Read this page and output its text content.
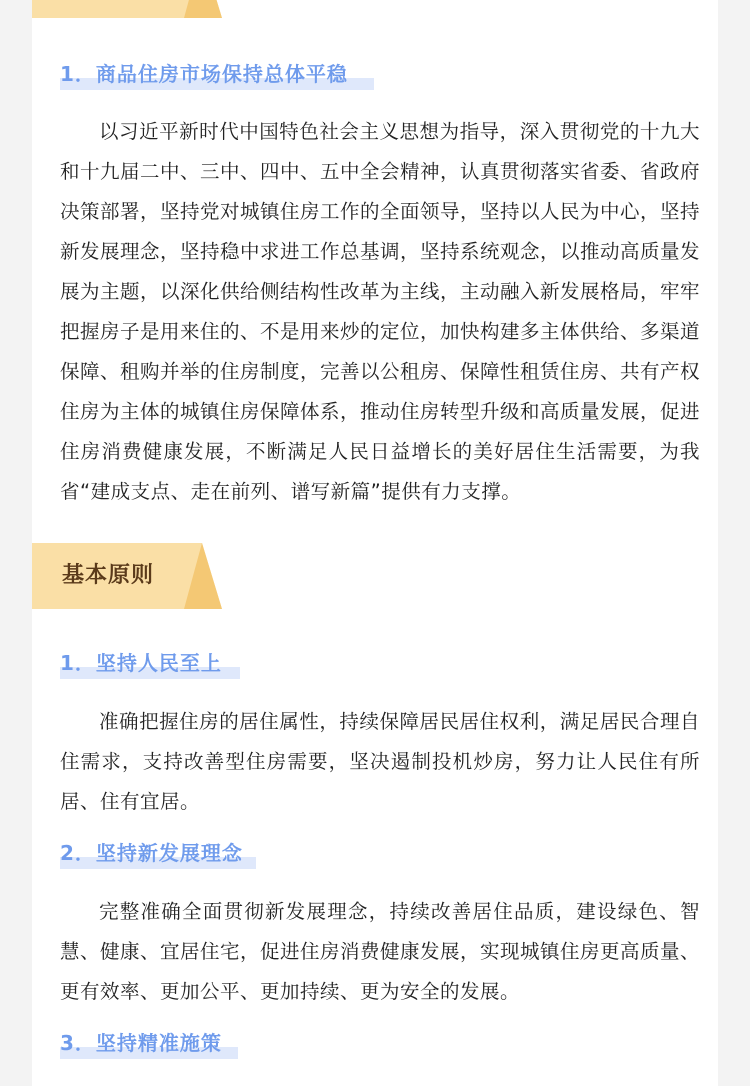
1．商品住房市场保持总体平稳
以习近平新时代中国特色社会主义思想为指导，深入贯彻党的十九大和十九届二中、三中、四中、五中全会精神，认真贯彻落实省委、省政府决策部署，坚持党对城镇住房工作的全面领导，坚持以人民为中心，坚持新发展理念，坚持稳中求进工作总基调，坚持系统观念，以推动高质量发展为主题，以深化供给侧结构性改革为主线，主动融入新发展格局，牢牢把握房子是用来住的、不是用来炒的定位，加快构建多主体供给、多渠道保障、租购并举的住房制度，完善以公租房、保障性租赁住房、共有产权住房为主体的城镇住房保障体系，推动住房转型升级和高质量发展，促进住房消费健康发展，不断满足人民日益增长的美好居住生活需要，为我省“建成支点、走在前列、谱写新篇”提供有力支撑。
基本原则
1．坚持人民至上
准确把握住房的居住属性，持续保障居民居住权利，满足居民合理自住需求，支持改善型住房需要，坚决遏制投机炒房，努力让人民住有所居、住有宜居。
2．坚持新发展理念
完整准确全面贯彻新发展理念，持续改善居住品质，建设绿色、智慧、健康、宜居住宅，促进住房消费健康发展，实现城镇住房更高质量、更有效率、更加公平、更加持续、更为安全的发展。
3．坚持精准施策
